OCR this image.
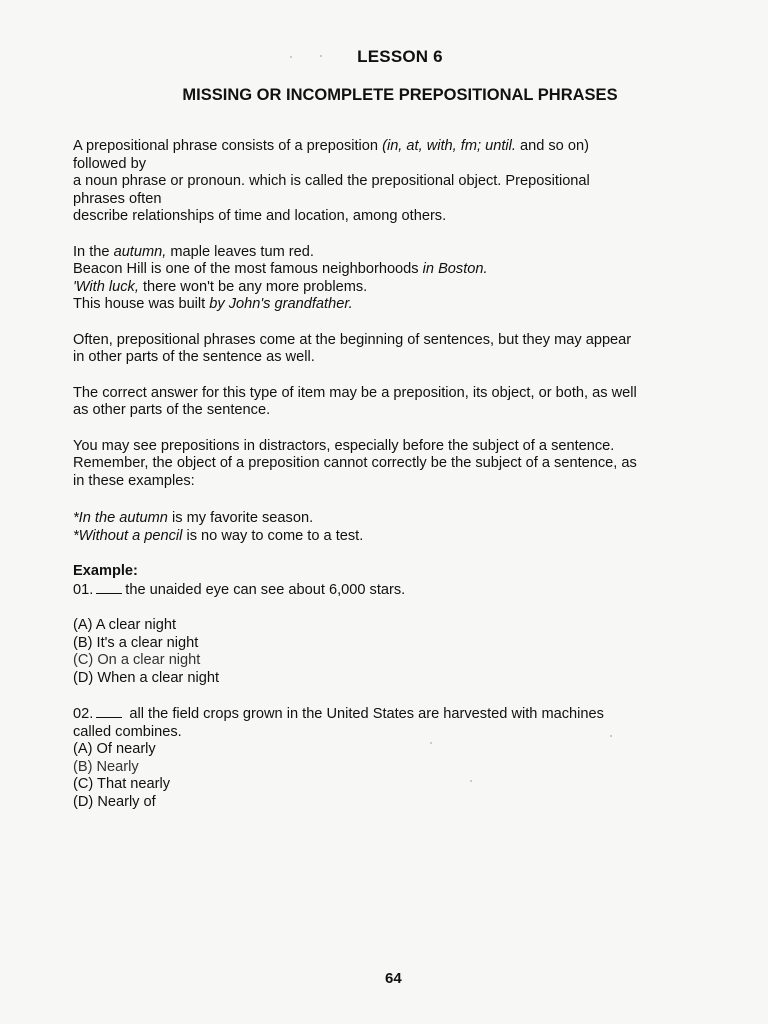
LESSON 6
MISSING OR INCOMPLETE PREPOSITIONAL PHRASES
A prepositional phrase consists of a preposition (in, at, with, fm; until. and so on)
followed by
a noun phrase or pronoun. which is called the prepositional object. Prepositional
phrases often
describe relationships of time and location, among others.
In the autumn, maple leaves tum red.
Beacon Hill is one of the most famous neighborhoods in Boston.
'With luck, there won't be any more problems.
This house was built by John's grandfather.
Often, prepositional phrases come at the beginning of sentences, but they may appear
in other parts of the sentence as well.
The correct answer for this type of item may be a preposition, its object, or both, as well
as other parts of the sentence.
You may see prepositions in distractors, especially before the subject of a sentence.
Remember, the object of a preposition cannot correctly be the subject of a sentence, as
in these examples:
*In the autumn is my favorite season.
*Without a pencil is no way to come to a test.
Example:
01. the unaided eye can see about 6,000 stars.
(A) A clear night
(B) It's a clear night
(C) On a clear night
(D) When a clear night
02. all the field crops grown in the United States are harvested with machines
called combines.
(A) Of nearly
(B) Nearly
(C) That nearly
(D) Nearly of
64
